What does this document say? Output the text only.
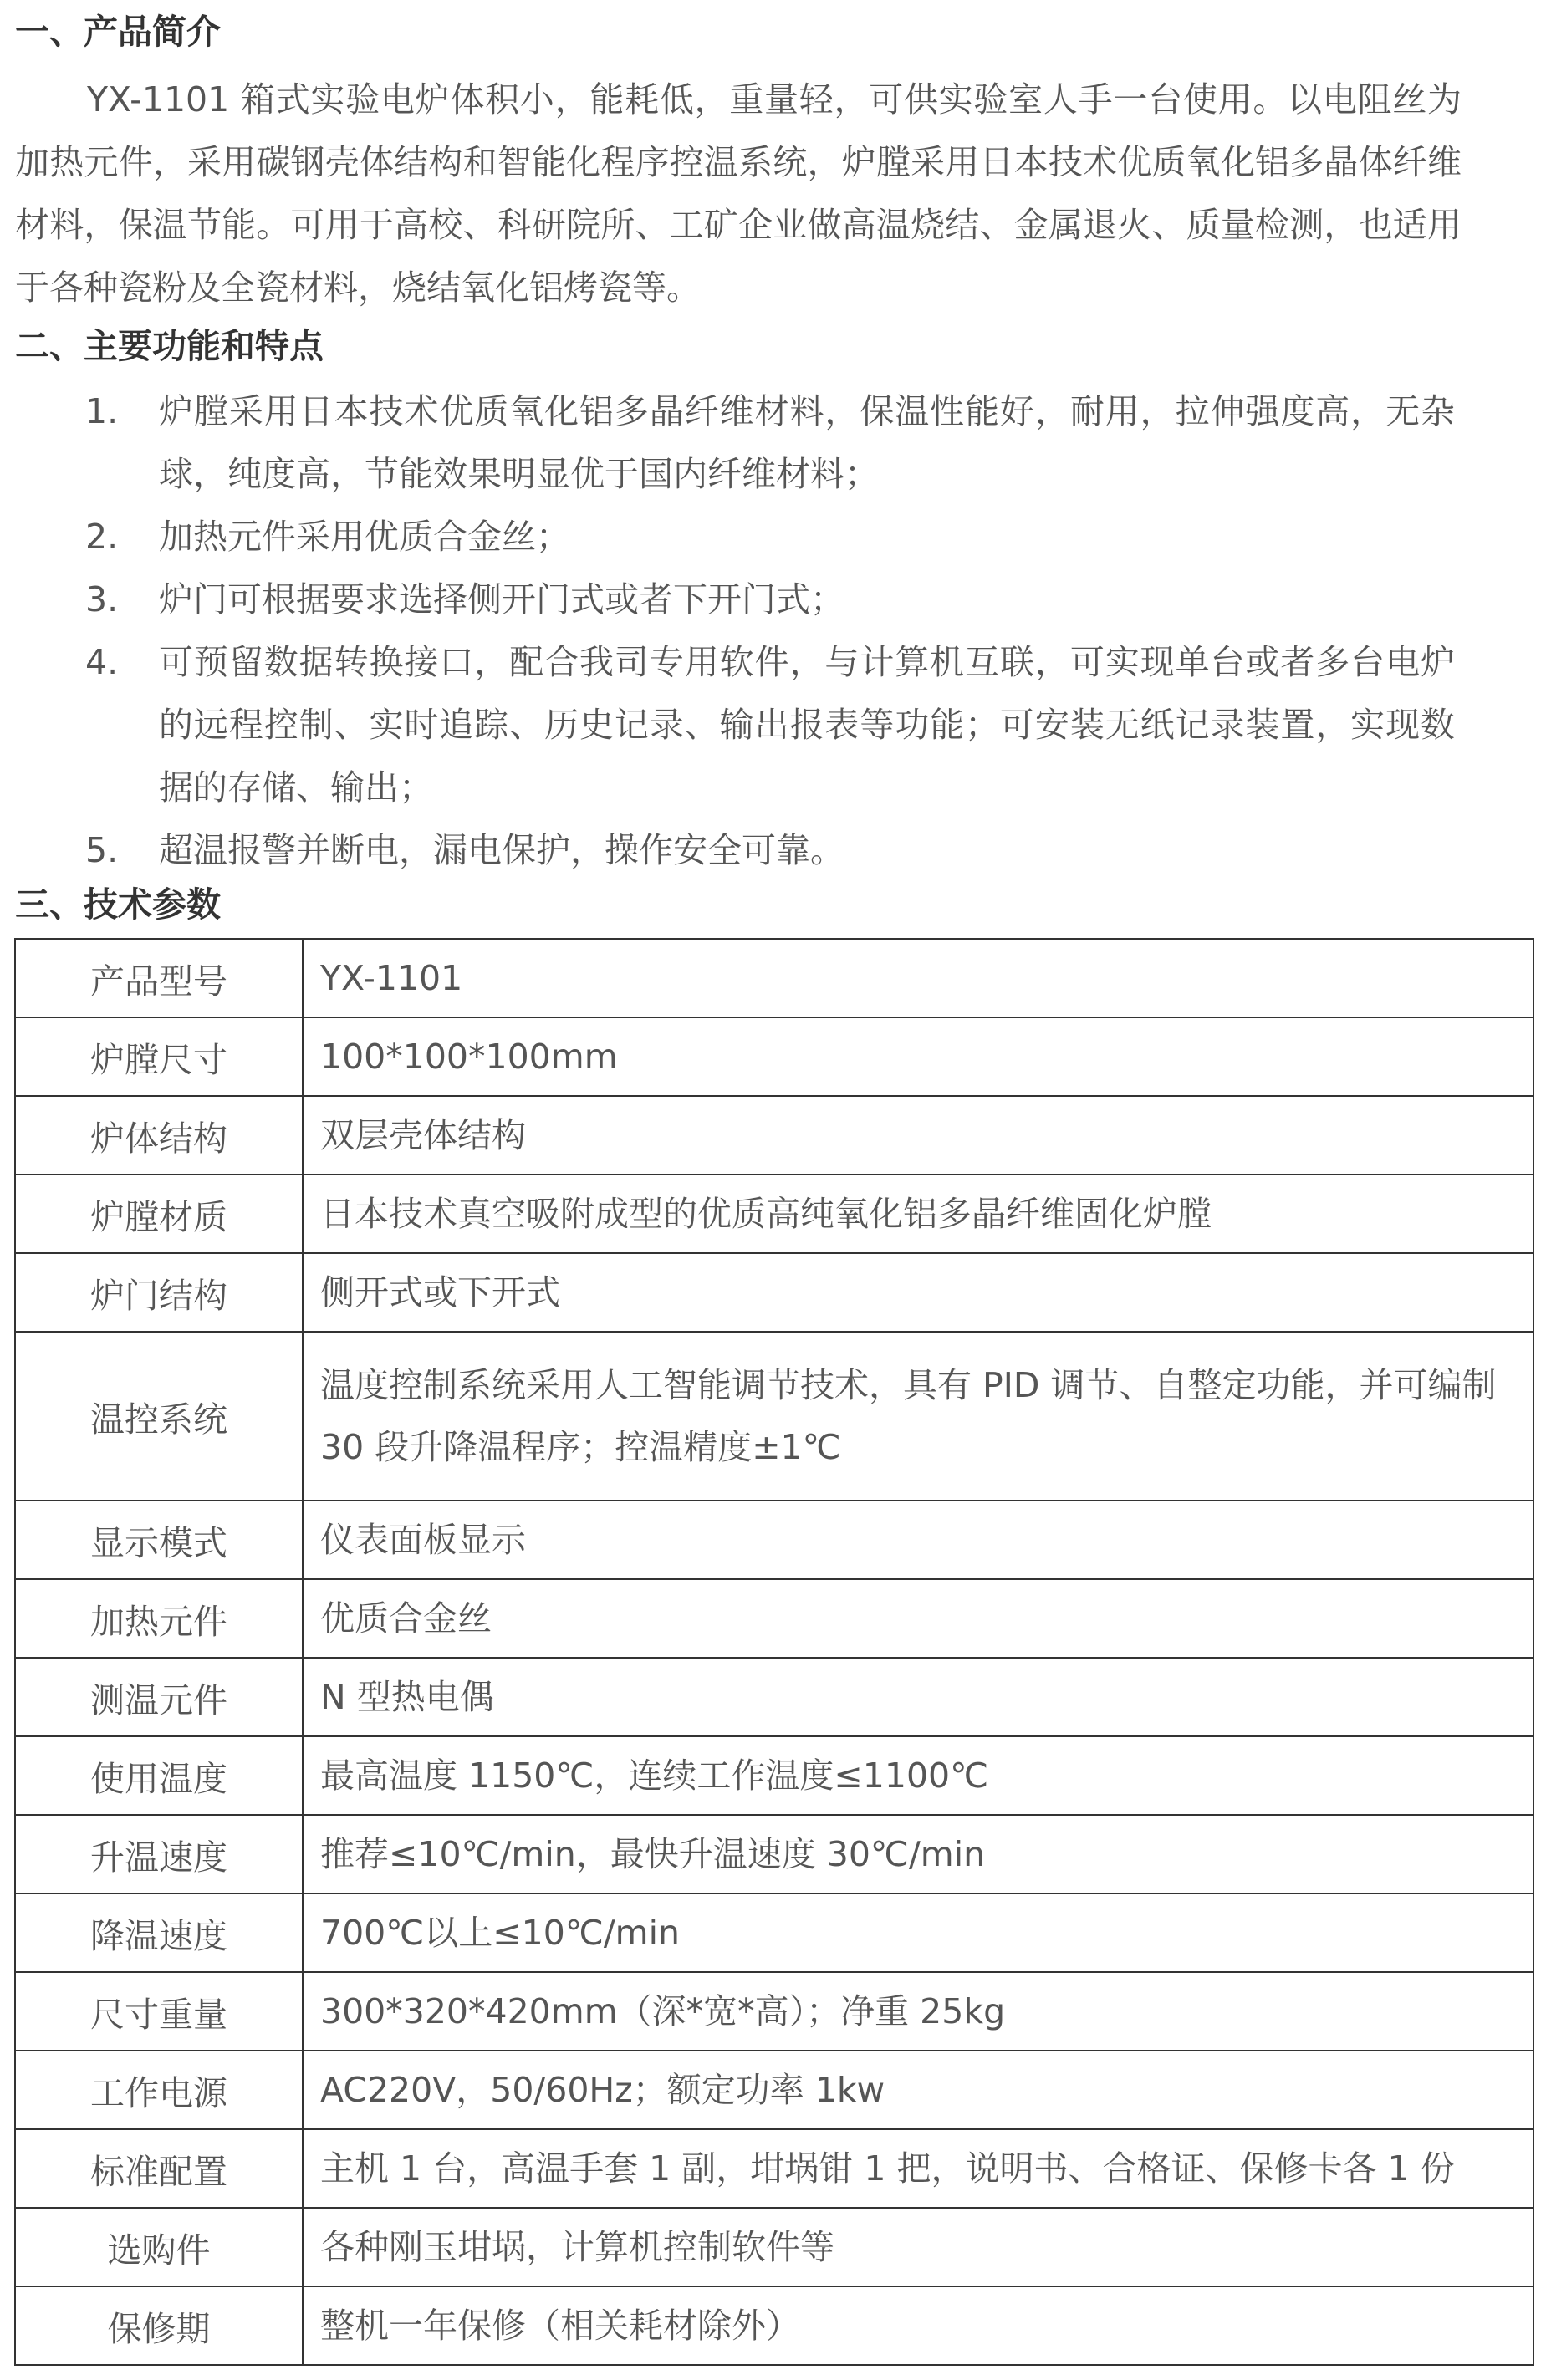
一、产品简介

YX-1101 箱式实验电炉体积小，能耗低，重量轻，可供实验室人手一台使用。以电阻丝为加热元件，采用碳钢壳体结构和智能化程序控温系统，炉膛采用日本技术优质氧化铝多晶体纤维材料，保温节能。可用于高校、科研院所、工矿企业做高温烧结、金属退火、质量检测，也适用于各种瓷粉及全瓷材料，烧结氧化铝烤瓷等。

二、主要功能和特点
1. 炉膛采用日本技术优质氧化铝多晶纤维材料，保温性能好，耐用，拉伸强度高，无杂球，纯度高，节能效果明显优于国内纤维材料；
2. 加热元件采用优质合金丝；
3. 炉门可根据要求选择侧开门式或者下开门式；
4. 可预留数据转换接口，配合我司专用软件，与计算机互联，可实现单台或者多台电炉的远程控制、实时追踪、历史记录、输出报表等功能；可安装无纸记录装置，实现数据的存储、输出；
5. 超温报警并断电，漏电保护，操作安全可靠。
三、技术参数
产品型号	YX-1101
炉膛尺寸	100*100*100mm
炉体结构	双层壳体结构
炉膛材质	日本技术真空吸附成型的优质高纯氧化铝多晶纤维固化炉膛
炉门结构	侧开式或下开式
温控系统	温度控制系统采用人工智能调节技术，具有 PID 调节、自整定功能，并可编制 30 段升降温程序；控温精度±1℃
显示模式	仪表面板显示
加热元件	优质合金丝
测温元件	N 型热电偶
使用温度	最高温度 1150℃，连续工作温度≤1100℃
升温速度	推荐≤10℃/min，最快升温速度 30℃/min
降温速度	700℃以上≤10℃/min
尺寸重量	300*320*420mm（深*宽*高）；净重 25kg
工作电源	AC220V，50/60Hz；额定功率 1kw
标准配置	主机 1 台，高温手套 1 副，坩埚钳 1 把，说明书、合格证、保修卡各 1 份
选购件	各种刚玉坩埚，计算机控制软件等
保修期	整机一年保修（相关耗材除外）
